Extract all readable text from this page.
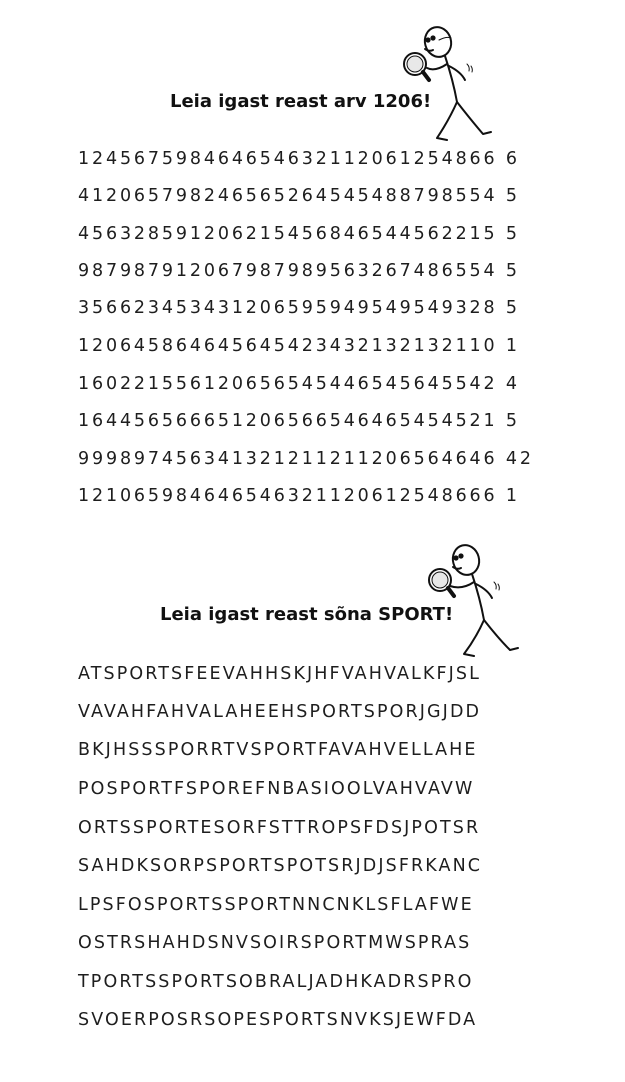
Leia igast reast arv 1206!
124567598464654632112061254866 6
412065798246565264545488798554 5
456328591206215456846544562215 5
987987912067987989563267486554 5
356623453431206595949549549328 5
120645864645645423432132132110 1
160221556120656545446545645542 4
164456566651206566546465454521 5
999897456341321211211206564646 42
121065984646546321120612548666 1
Leia igast reast sõna SPORT!
ATSPORTSFEEVAHHSKJHFVAHVALKFJSL
VAVAHFAHVALAHEEHSPORTSPORJGJDD
BKJHSSSPORRTVSPORTFAVAHVELLAHE
POSPORTFSPOREFNBASIOOLVAHVAVW
ORTSSPORTESORFSTTROPSFDSJPOTSR
SAHDKSORPSPORTSPOTSRJDJSFRKANC
LPSFOSPORTSSPORTNNCNKLSFLAFWE
OSTRSHAHDSNVSOIRSPORTMWSPRAS
TPORTSSPORTSOBRALJADHKADRSPRO
SVOERPOSRSOPESPORTSNVKSJEWFDA
